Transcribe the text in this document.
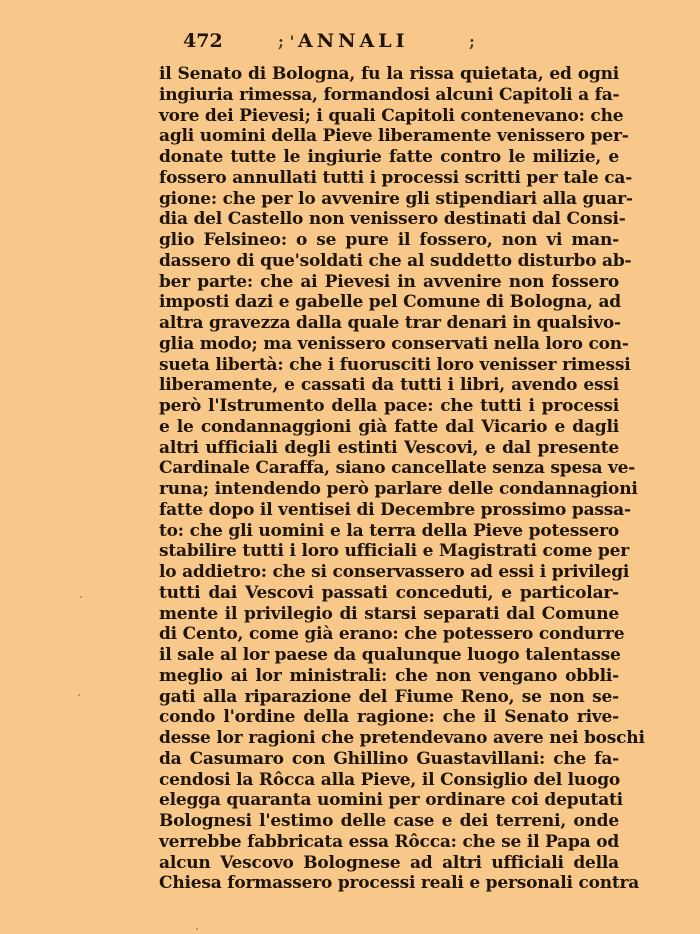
472	; ' ANNALI	;
il Senato di Bologna, fu la rissa quietata, ed ogni
ingiuria rimessa, formandosi alcuni Capitoli a fa-
vore dei Pievesi; i quali Capitoli contenevano: che
agli uomini della Pieve liberamente venissero per-
donate tutte le ingiurie fatte contro le milizie, e
fossero annullati tutti i processi scritti per tale ca-
gione: che per lo avvenire gli stipendiari alla guar-
dia del Castello non venissero destinati dal Consi-
glio Felsineo: o se pure il fossero, non vi man-
dassero di que'soldati che al suddetto disturbo ab-
ber parte: che ai Pievesi in avvenire non fossero
imposti dazi e gabelle pel Comune di Bologna, ad
altra gravezza dalla quale trar denari in qualsivo-
glia modo; ma venissero conservati nella loro con-
sueta libertà: che i fuorusciti loro venisser rimessi
liberamente, e cassati da tutti i libri, avendo essi
però l'Istrumento della pace: che tutti i processi
e le condannaggioni già fatte dal Vicario e dagli
altri ufficiali degli estinti Vescovi, e dal presente
Cardinale Caraffa, siano cancellate senza spesa ve-
runa; intendendo però parlare delle condannagioni
fatte dopo il ventisei di Decembre prossimo passa-
to: che gli uomini e la terra della Pieve potessero
stabilire tutti i loro ufficiali e Magistrati come per
lo addietro: che si conservassero ad essi i privilegi
tutti dai Vescovi passati conceduti, e particolar-
mente il privilegio di starsi separati dal Comune
di Cento, come già erano: che potessero condurre
il sale al lor paese da qualunque luogo talentasse
meglio ai lor ministrali: che non vengano obbli-
gati alla riparazione del Fiume Reno, se non se-
condo l'ordine della ragione: che il Senato rive-
desse lor ragioni che pretendevano avere nei boschi
da Casumaro con Ghillino Guastavillani: che fa-
cendosi la Rôcca alla Pieve, il Consiglio del luogo
elegga quaranta uomini per ordinare coi deputati
Bolognesi l'estimo delle case e dei terreni, onde
verrebbe fabbricata essa Rôcca: che se il Papa od
alcun Vescovo Bolognese ad altri ufficiali della
Chiesa formassero processi reali e personali contra
